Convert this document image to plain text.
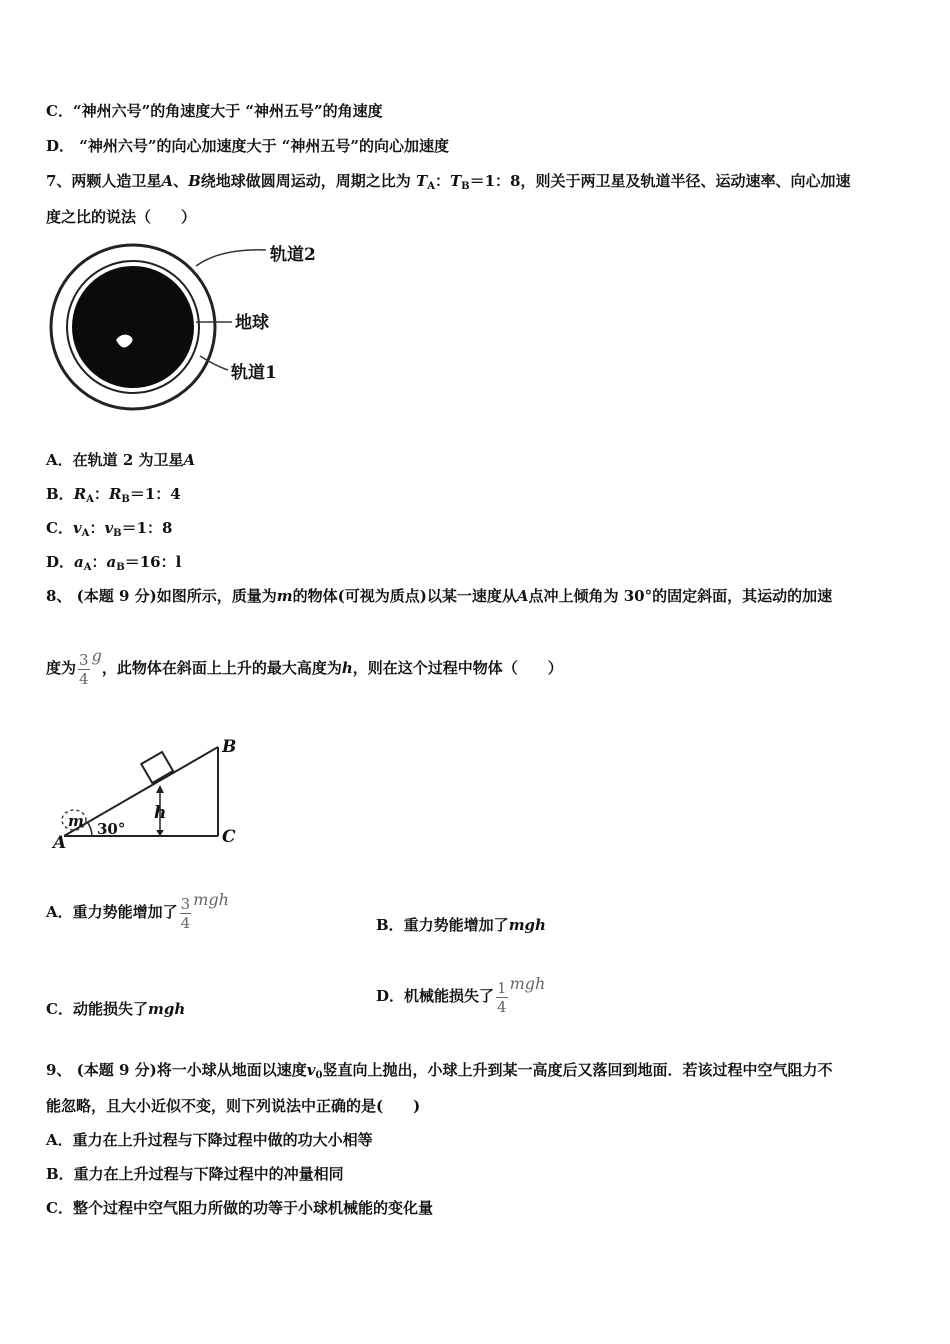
C．“神州六号”的角速度大于 “神州五号”的角速度
D． “神州六号”的向心加速度大于 “神州五号”的向心加速度
7、两颗人造卫星A、B绕地球做圆周运动，周期之比为 $T_A$：$T_B=1$：8，则关于两卫星及轨道半径、运动速率、向心加速
度之比的说法（　　）
轨道2
地球
轨道1
A．在轨道 2 为卫星A
B．$R_A$：$R_B=1$：4
C．$v_A$：$v_B=1$：8
D．$a_A$：$a_B=16$：l
8、 (本题 9 分)如图所示，质量为m的物体(可视为质点)以某一速度从A点冲上倾角为 30°的固定斜面，其运动的加速
度为 $\frac{3}{4}$ g，此物体在斜面上上升的最大高度为h，则在这个过程中物体（　　）
B
C
A
m	h
30°
A．重力势能增加了 $\frac{3}{4}$ mgh
B．重力势能增加了mgh
C．动能损失了mgh
D．机械能损失了 $\frac{1}{4}$ mgh
9、 (本题 9 分)将一小球从地面以速度$v_0$竖直向上抛出，小球上升到某一高度后又落回到地面．若该过程中空气阻力不
能忽略，且大小近似不变，则下列说法中正确的是(　　)
A．重力在上升过程与下降过程中做的功大小相等
B．重力在上升过程与下降过程中的冲量相同
C．整个过程中空气阻力所做的功等于小球机械能的变化量
